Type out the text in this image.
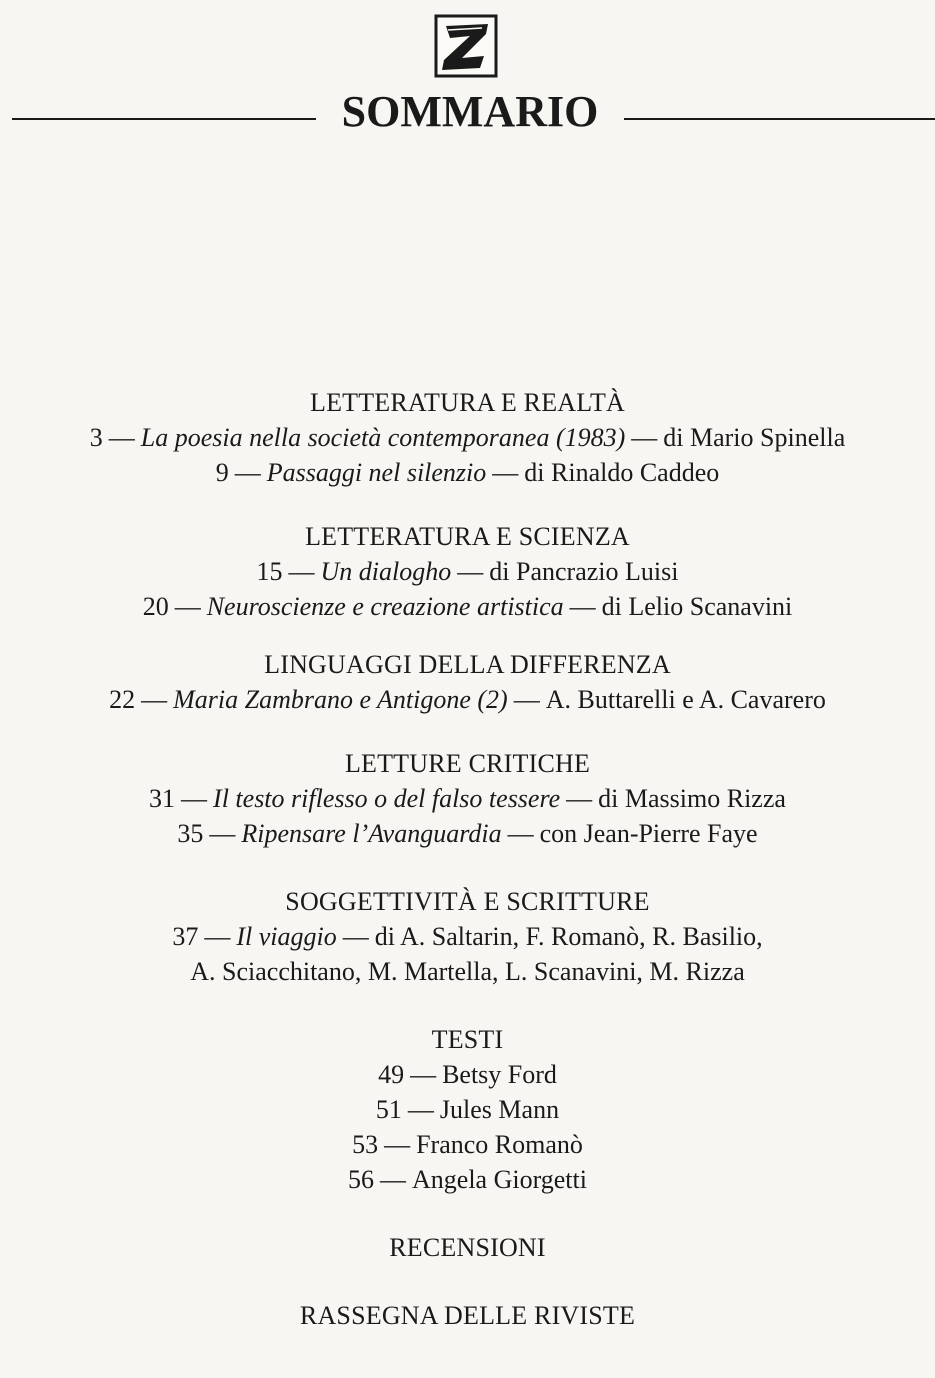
SOMMARIO
LETTERATURA E REALTÀ
3 — La poesia nella società contemporanea (1983) — di Mario Spinella
9 — Passaggi nel silenzio — di Rinaldo Caddeo
LETTERATURA E SCIENZA
15 — Un dialogho — di Pancrazio Luisi
20 — Neuroscienze e creazione artistica — di Lelio Scanavini
LINGUAGGI DELLA DIFFERENZA
22 — Maria Zambrano e Antigone (2) — A. Buttarelli e A. Cavarero
LETTURE CRITICHE
31 — Il testo riflesso o del falso tessere — di Massimo Rizza
35 — Ripensare l’Avanguardia — con Jean-Pierre Faye
SOGGETTIVITÀ E SCRITTURE
37 — Il viaggio — di A. Saltarin, F. Romanò, R. Basilio,
A. Sciacchitano, M. Martella, L. Scanavini, M. Rizza
TESTI
49 — Betsy Ford
51 — Jules Mann
53 — Franco Romanò
56 — Angela Giorgetti
RECENSIONI
RASSEGNA DELLE RIVISTE
